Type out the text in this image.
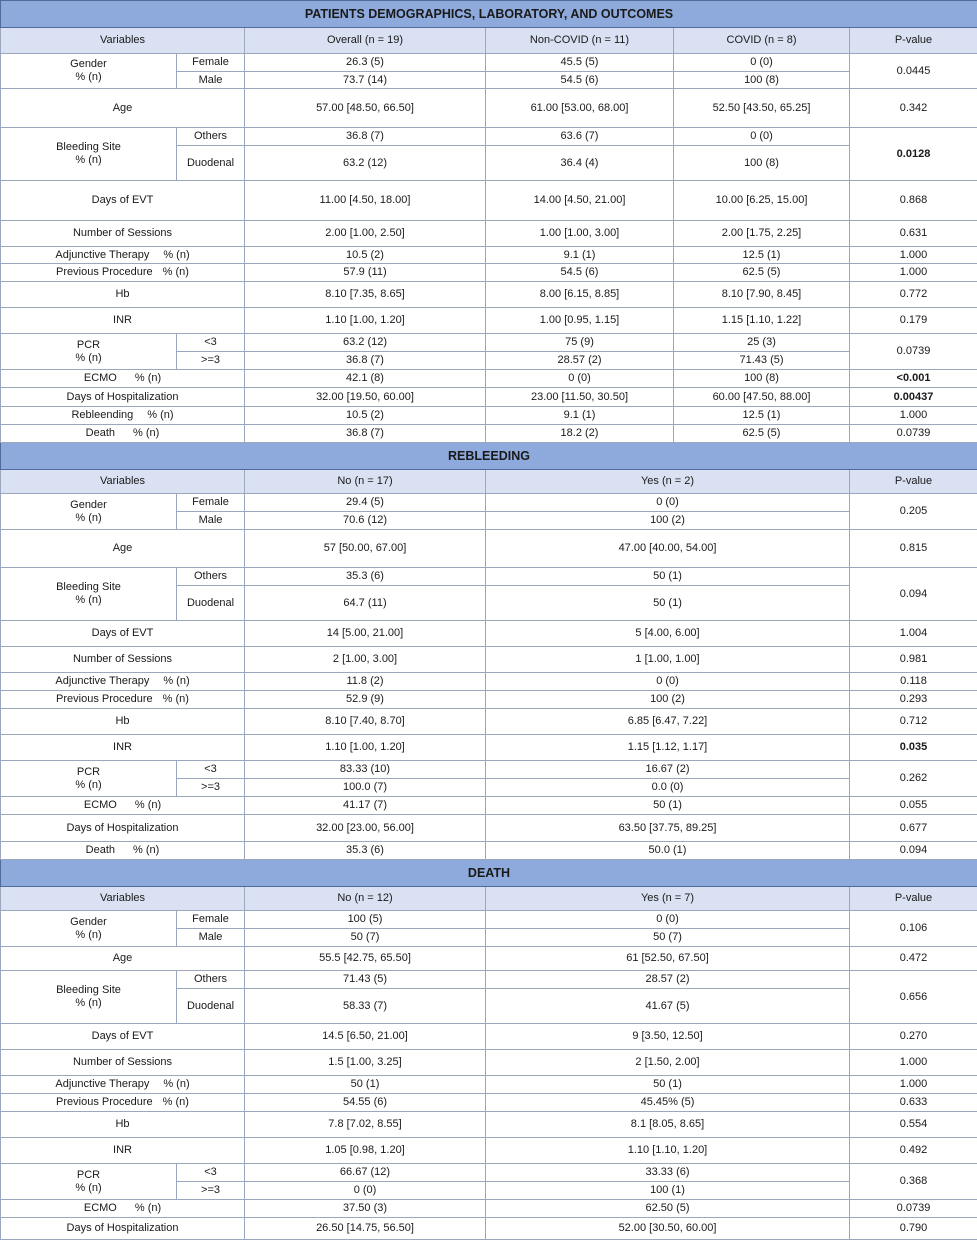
PATIENTS DEMOGRAPHICS, LABORATORY, AND OUTCOMES					
Variables		Overall (n = 19)	Non-COVID (n = 11)	COVID (n = 8)	P-value

Gender
% (n)	Female	26.3 (5)	45.5 (5)	0 (0)	0.0445
	Male	73.7 (14)	54.5 (6)	100 (8)	
Age		57.00 [48.50, 66.50]	61.00 [53.00, 68.00]	52.50 [43.50, 65.25]	0.342

Bleeding Site
% (n)	Others	36.8 (7)	63.6 (7)	0 (0)	0.0128
	Duodenal	63.2 (12)	36.4 (4)	100 (8)	
Days of EVT		11.00 [4.50, 18.00]	14.00 [4.50, 21.00]	10.00 [6.25, 15.00]	0.868
Number of Sessions		2.00 [1.00, 2.50]	1.00 [1.00, 3.00]	2.00 [1.75, 2.25]	0.631

Adjunctive Therapy % (n)		10.5 (2)	9.1 (1)	12.5 (1)	1.000

Previous Procedure % (n)		57.9 (11)	54.5 (6)	62.5 (5)	1.000
Hb		8.10 [7.35, 8.65]	8.00 [6.15, 8.85]	8.10 [7.90, 8.45]	0.772
INR		1.10 [1.00, 1.20]	1.00 [0.95, 1.15]	1.15 [1.10, 1.22]	0.179

PCR
% (n)	<3	63.2 (12)	75 (9)	25 (3)	0.0739
	>=3	36.8 (7)	28.57 (2)	71.43 (5)	

ECMO % (n)		42.1 (8)	0 (0)	100 (8)	<0.001
Days of Hospitalization		32.00 [19.50, 60.00]	23.00 [11.50, 30.50]	60.00 [47.50, 88.00]	0.00437

Rebleending % (n)		10.5 (2)	9.1 (1)	12.5 (1)	1.000

Death % (n)		36.8 (7)	18.2 (2)	62.5 (5)	0.0739
REBLEEDING					
Variables		No (n = 17)	Yes (n = 2)		P-value

Gender
% (n)	Female	29.4 (5)	0 (0)		0.205
	Male	70.6 (12)	100 (2)		
Age		57 [50.00, 67.00]	47.00 [40.00, 54.00]		0.815

Bleeding Site
% (n)	Others	35.3 (6)	50 (1)		0.094
	Duodenal	64.7 (11)	50 (1)		
Days of EVT		14 [5.00, 21.00]	5 [4.00, 6.00]		1.004
Number of Sessions		2 [1.00, 3.00]	1 [1.00, 1.00]		0.981

Adjunctive Therapy % (n)		11.8 (2)	0 (0)		0.118

Previous Procedure % (n)		52.9 (9)	100 (2)		0.293
Hb		8.10 [7.40, 8.70]	6.85 [6.47, 7.22]		0.712
INR		1.10 [1.00, 1.20]	1.15 [1.12, 1.17]		0.035

PCR
% (n)	<3	83.33 (10)	16.67 (2)		0.262
	>=3	100.0 (7)	0.0 (0)		

ECMO % (n)		41.17 (7)	50 (1)		0.055
Days of Hospitalization		32.00 [23.00, 56.00]	63.50 [37.75, 89.25]		0.677

Death % (n)		35.3 (6)	50.0 (1)		0.094
DEATH					
Variables		No (n = 12)	Yes (n = 7)		P-value

Gender
% (n)	Female	100 (5)	0 (0)		0.106
	Male	50 (7)	50 (7)		
Age		55.5 [42.75, 65.50]	61 [52.50, 67.50]		0.472

Bleeding Site
% (n)	Others	71.43 (5)	28.57 (2)		0.656
	Duodenal	58.33 (7)	41.67 (5)		
Days of EVT		14.5 [6.50, 21.00]	9 [3.50, 12.50]		0.270
Number of Sessions		1.5 [1.00, 3.25]	2 [1.50, 2.00]		1.000

Adjunctive Therapy % (n)		50 (1)	50 (1)		1.000

Previous Procedure % (n)		54.55 (6)	45.45% (5)		0.633
Hb		7.8 [7.02, 8.55]	8.1 [8.05, 8.65]		0.554
INR		1.05 [0.98, 1.20]	1.10 [1.10, 1.20]		0.492

PCR
% (n)	<3	66.67 (12)	33.33 (6)		0.368
	>=3	0 (0)	100 (1)		

ECMO % (n)		37.50 (3)	62.50 (5)		0.0739
Days of Hospitalization		26.50 [14.75, 56.50]	52.00 [30.50, 60.00]		0.790
